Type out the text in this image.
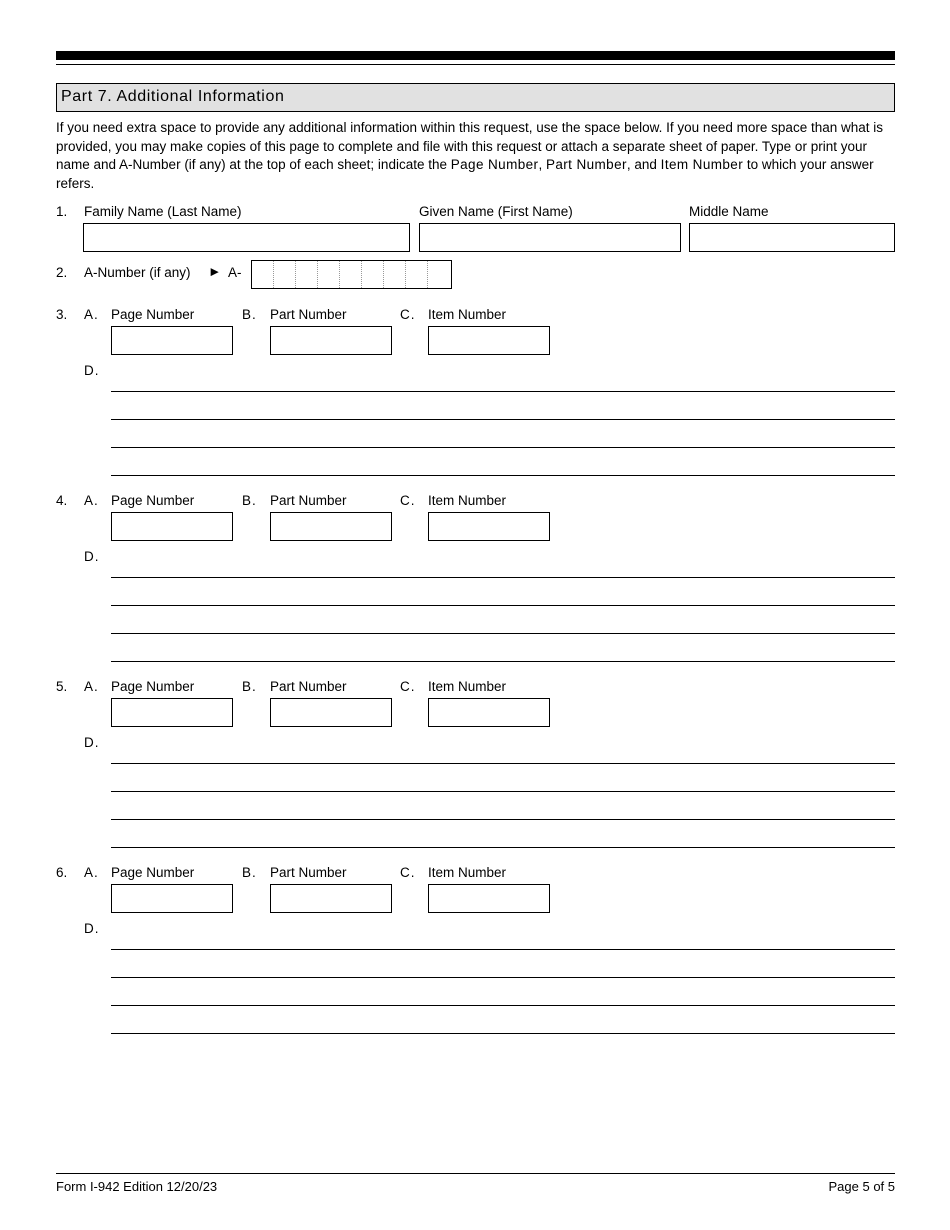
Part 7. Additional Information
If you need extra space to provide any additional information within this request, use the space below. If you need more space than what is provided, you may make copies of this page to complete and file with this request or attach a separate sheet of paper. Type or print your name and A-Number (if any) at the top of each sheet; indicate the Page Number, Part Number, and Item Number to which your answer refers.
1. Family Name (Last Name)	Given Name (First Name)	Middle Name
2. A-Number (if any) ► A-
3. A. Page Number	B. Part Number	C. Item Number
D.
4. A. Page Number	B. Part Number	C. Item Number
D.
5. A. Page Number	B. Part Number	C. Item Number
D.
6. A. Page Number	B. Part Number	C. Item Number
D.
Form I-942 Edition 12/20/23	Page 5 of 5
